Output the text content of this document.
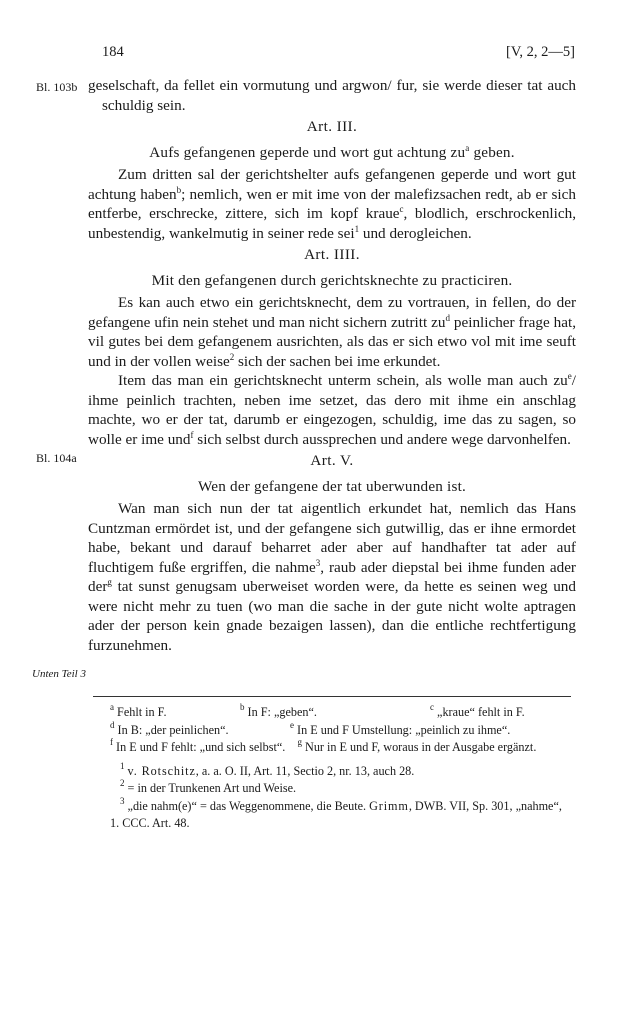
184	[V, 2, 2—5]
Bl. 103b
Bl. 104a
Unten Teil 3

geselschaft, da fellet ein vormutung und argwon/ fur, sie werde dieser tat auch schuldig sein.

Art. III.

Aufs gefangenen geperde und wort gut achtung $zu^a$ geben.

Zum dritten sal der gerichtshelter aufs gefangenen geperde und wort gut achtung haben$^b$; nemlich, wen er mit ime von der malefizsachen redt, ab er sich entferbe, erschrecke, zittere, sich im kopf kraue$^c$, blodlich, erschrockenlich, unbestendig, wankelmutig in seiner rede sei$^1$ und derogleichen.

Art. IIII.

Mit den gefangenen durch gerichtsknechte zu practiciren.

Es kan auch etwo ein gerichtsknecht, dem zu vortrauen, in fellen, do der gefangene ufin nein stehet und man nicht sichern zutritt $zu^d$ peinlicher frage hat, vil gutes bei dem gefangenem ausrichten, als das er sich etwo vol mit ime seuft und in der vollen weise$^2$ sich der sachen bei ime erkundet.

Item das man ein gerichtsknecht unterm schein, als wolle man auch $zu^e/$ ihme peinlich trachten, neben ime setzet, das dero mit ihme ein anschlag machte, wo er der tat, darumb er eingezogen, schuldig, ime das zu sagen, so wolle er ime und$^f$ sich selbst durch aussprechen und andere wege darvonhelfen.

Art. V.

Wen der gefangene der tat uberwunden ist.

Wan man sich nun der tat aigentlich erkundet hat, nemlich das Hans Cuntzman ermördet ist, und der gefangene sich gutwillig, das er ihne ermordet habe, bekant und darauf beharret ader aber auf handhafter tat ader auf fluchtigem fuße ergriffen, die nahme$^3$, raub ader diepstal bei ihme funden ader der$^g$ tat sunst genugsam uberweiset worden were, da hette es seinen weg und were nicht mehr zu tuen (wo man die sache in der gute nicht wolte aptragen ader der person kein gnade bezaigen lassen), dan die entliche rechtfertigung furzunehmen.

$^a$ Fehlt in F.	$^b$ In F: „geben“.	$^c$ „kraue“ fehlt in F.

$^d$ In B: „der peinlichen“.	$^e$ In E und F Umstellung: „peinlich zu ihme“.

$^f$ In E und F fehlt: „und sich selbst“. $^g$ Nur in E und F, woraus in der Ausgabe ergänzt.

$^1$ v. Rotschitz, a. a. O. II, Art. 11, Sectio 2, nr. 13, auch 28.

$^2$ = in der Trunkenen Art und Weise.

$^3$ „die nahm(e)“ = das Weggenommene, die Beute. Grimm, DWB. VII, Sp. 301, „nahme“, 1. CCC. Art. 48.
